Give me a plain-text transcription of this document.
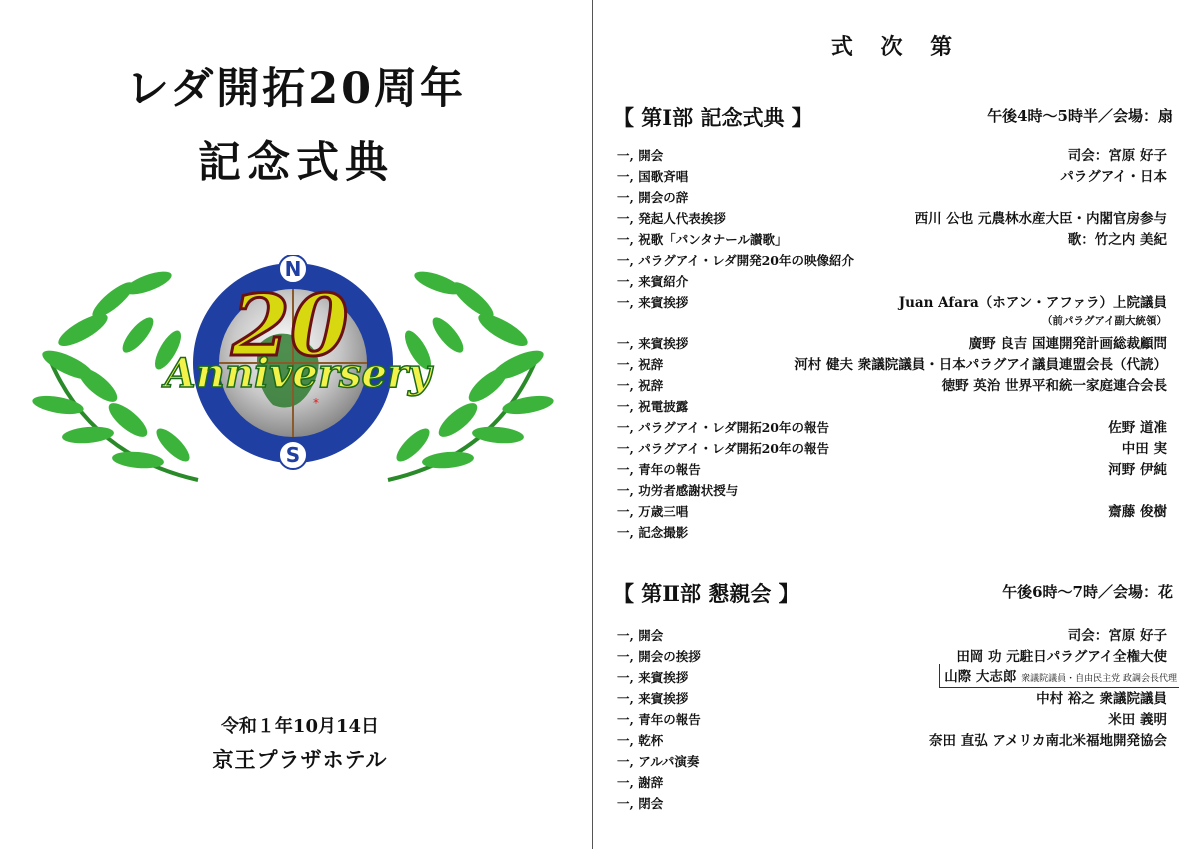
レダ開拓20周年
記念式典
N
S
20
Anniversery
*
令和１年10月14日
京王プラザホテル
式 次 第
【 第Ⅰ部 記念式典 】	午後4時～5時半／会場：扇
一, 開会	司会：宮原 好子
一, 国歌斉唱	パラグアイ・日本
一, 開会の辞
一, 発起人代表挨拶	西川 公也 元農林水産大臣・内閣官房参与
一, 祝歌「パンタナール讃歌」	歌：竹之内 美紀
一, パラグアイ・レダ開発20年の映像紹介
一, 来賓紹介
一, 来賓挨拶	Juan Afara（ホアン・アファラ）上院議員
（前パラグアイ副大統領）
一, 来賓挨拶	廣野 良吉 国連開発計画総裁顧問
一, 祝辞	河村 健夫 衆議院議員・日本パラグアイ議員連盟会長（代読）
一, 祝辞	徳野 英治 世界平和統一家庭連合会長
一, 祝電披露
一, パラグアイ・レダ開拓20年の報告	佐野 道准
一, パラグアイ・レダ開拓20年の報告	中田 実
一, 青年の報告	河野 伊純
一, 功労者感謝状授与
一, 万歳三唱	齋藤 俊樹
一, 記念撮影
【 第Ⅱ部 懇親会 】	午後6時～7時／会場：花
一, 開会	司会：宮原 好子
一, 開会の挨拶	田岡 功 元駐日パラグアイ全権大使
一, 来賓挨拶	山際 大志郎 衆議院議員・自由民主党 政調会長代理
一, 来賓挨拶	中村 裕之 衆議院議員
一, 青年の報告	米田 義明
一, 乾杯	奈田 直弘 アメリカ南北米福地開発協会
一, アルパ演奏
一, 謝辞
一, 閉会
